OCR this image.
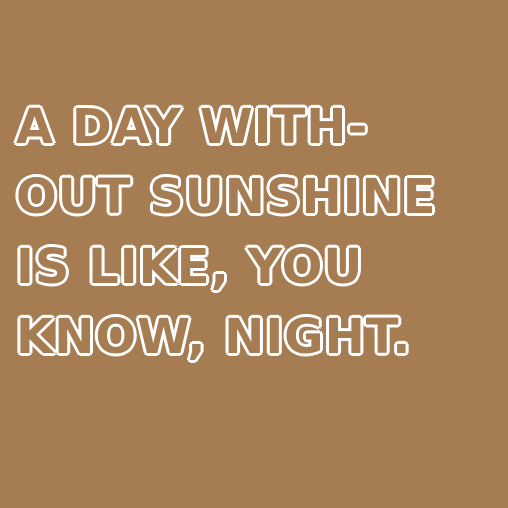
A DAY WITH-
OUT SUNSHINE
IS LIKE, YOU
KNOW, NIGHT.
